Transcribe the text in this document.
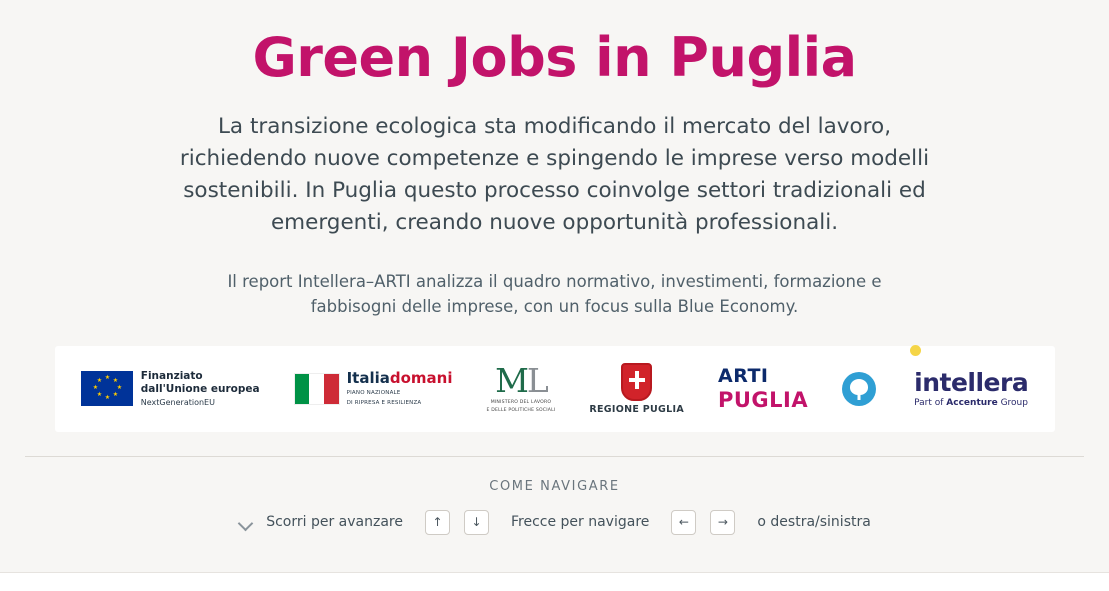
Green Jobs in Puglia

La transizione ecologica sta modificando il mercato del lavoro, richiedendo nuove competenze e spingendo le imprese verso modelli sostenibili. In Puglia questo processo coinvolge settori tradizionali ed emergenti, creando nuove opportunità professionali.

Il report Intellera–ARTI analizza il quadro normativo, investimenti, formazione e fabbisogni delle imprese, con un focus sulla Blue Economy.

★ ★
★
★
★
★
★
★	Finanziato
dall'Unione europea
NextGenerationEU
Italiadomani
PIANO NAZIONALE
DI RIPRESA E RESILIENZA
ML
MINISTERO DEL LAVORO
E DELLE POLITICHE SOCIALI	REGIONE PUGLIA
ARTI
PUGLIA
intellera
Part of Accenture Group
COME NAVIGARE
Scorri per avanzare	↑	↓	Frecce per navigare	←	→	o destra/sinistra
